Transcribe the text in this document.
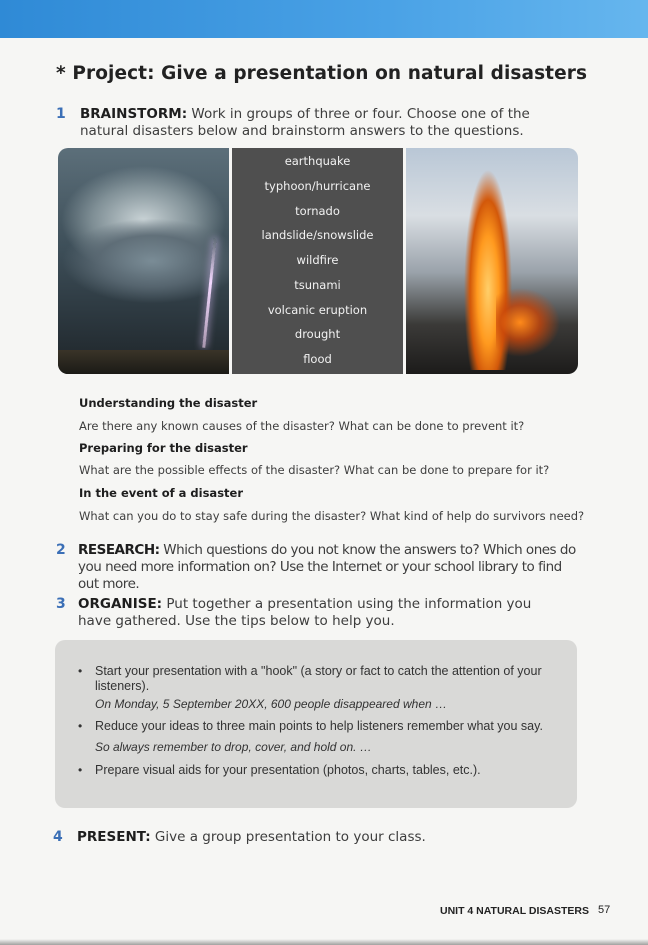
* Project: Give a presentation on natural disasters
1 BRAINSTORM: Work in groups of three or four. Choose one of the natural disasters below and brainstorm answers to the questions.
earthquake
typhoon/hurricane
tornado
landslide/snowslide
wildfire
tsunami
volcanic eruption
drought
flood
Understanding the disaster
Are there any known causes of the disaster? What can be done to prevent it?
Preparing for the disaster
What are the possible effects of the disaster? What can be done to prepare for it?
In the event of a disaster
What can you do to stay safe during the disaster? What kind of help do survivors need?
2 RESEARCH: Which questions do you not know the answers to? Which ones do you need more information on? Use the Internet or your school library to find out more.
3 ORGANISE: Put together a presentation using the information you have gathered. Use the tips below to help you.
• Start your presentation with a "hook" (a story or fact to catch the attention of your listeners).
On Monday, 5 September 20XX, 600 people disappeared when …
• Reduce your ideas to three main points to help listeners remember what you say.
So always remember to drop, cover, and hold on. …
• Prepare visual aids for your presentation (photos, charts, tables, etc.).
4 PRESENT: Give a group presentation to your class.
UNIT 4 NATURAL DISASTERS 57
